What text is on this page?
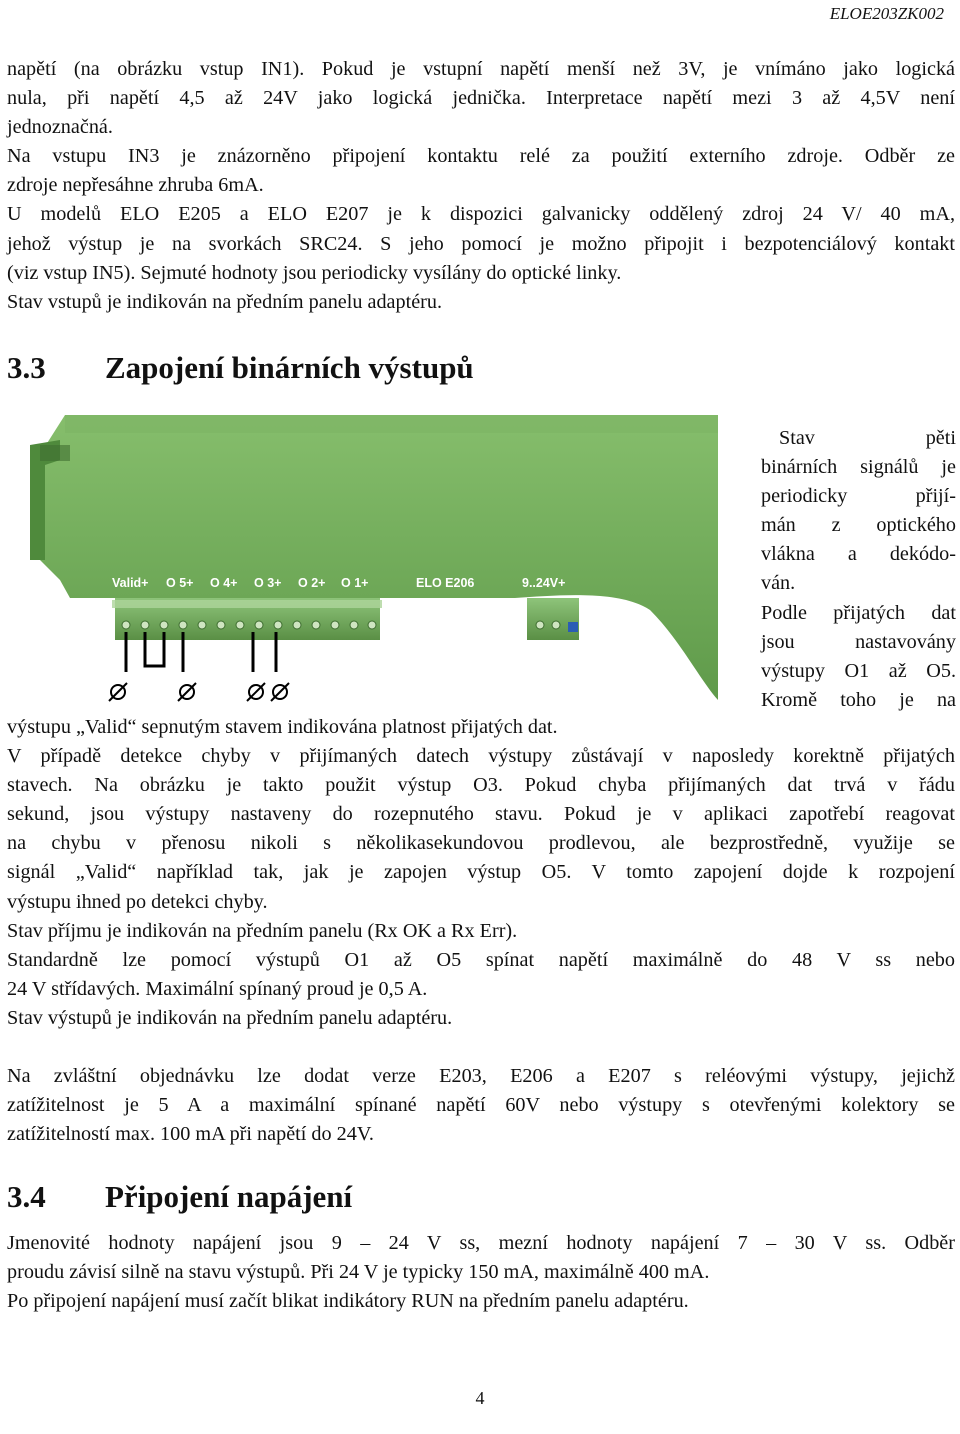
ELOE203ZK002
napětí (na obrázku vstup IN1). Pokud je vstupní napětí menší než 3V, je vnímáno jako logická
nula, při napětí 4,5 až 24V jako logická jednička. Interpretace napětí mezi 3 až 4,5V není
jednoznačná.
Na vstupu IN3 je znázorněno připojení kontaktu relé za použití externího zdroje. Odběr ze
zdroje nepřesáhne zhruba 6mA.
U modelů ELO E205 a ELO E207 je k dispozici galvanicky oddělený zdroj 24 V/ 40 mA,
jehož výstup je na svorkách SRC24. S jeho pomocí je možno připojit i bezpotenciálový kontakt
(viz vstup IN5). Sejmuté hodnoty jsou periodicky vysílány do optické linky.
Stav vstupů je indikován na předním panelu adaptéru.
3.3 Zapojení binárních výstupů
Valid+ O 5+ O 4+ O 3+ O 2+ O 1+	ELO E206	9..24V+
Stav pěti
binárních signálů je
periodicky přijí-
mán z optického
vlákna a dekódo-
ván.
Podle přijatých dat
jsou nastavovány
výstupy O1 až O5.
Kromě toho je na
výstupu „Valid“ sepnutým stavem indikována platnost přijatých dat.
V případě detekce chyby v přijímaných datech výstupy zůstávají v naposledy korektně přijatých
stavech. Na obrázku je takto použit výstup O3. Pokud chyba přijímaných dat trvá v řádu
sekund, jsou výstupy nastaveny do rozepnutého stavu. Pokud je v aplikaci zapotřebí reagovat
na chybu v přenosu nikoli s několikasekundovou prodlevou, ale bezprostředně, využije se
signál „Valid“ například tak, jak je zapojen výstup O5. V tomto zapojení dojde k rozpojení
výstupu ihned po detekci chyby.
Stav příjmu je indikován na předním panelu (Rx OK a Rx Err).
Standardně lze pomocí výstupů O1 až O5 spínat napětí maximálně do 48 V ss nebo
24 V střídavých. Maximální spínaný proud je 0,5 A.
Stav výstupů je indikován na předním panelu adaptéru.
Na zvláštní objednávku lze dodat verze E203, E206 a E207 s reléovými výstupy, jejichž
zatížitelnost je 5 A a maximální spínané napětí 60V nebo výstupy s otevřenými kolektory se
zatížitelností max. 100 mA při napětí do 24V.
3.4 Připojení napájení
Jmenovité hodnoty napájení jsou 9 – 24 V ss, mezní hodnoty napájení 7 – 30 V ss. Odběr
proudu závisí silně na stavu výstupů. Při 24 V je typicky 150 mA, maximálně 400 mA.
Po připojení napájení musí začít blikat indikátory RUN na předním panelu adaptéru.
4
